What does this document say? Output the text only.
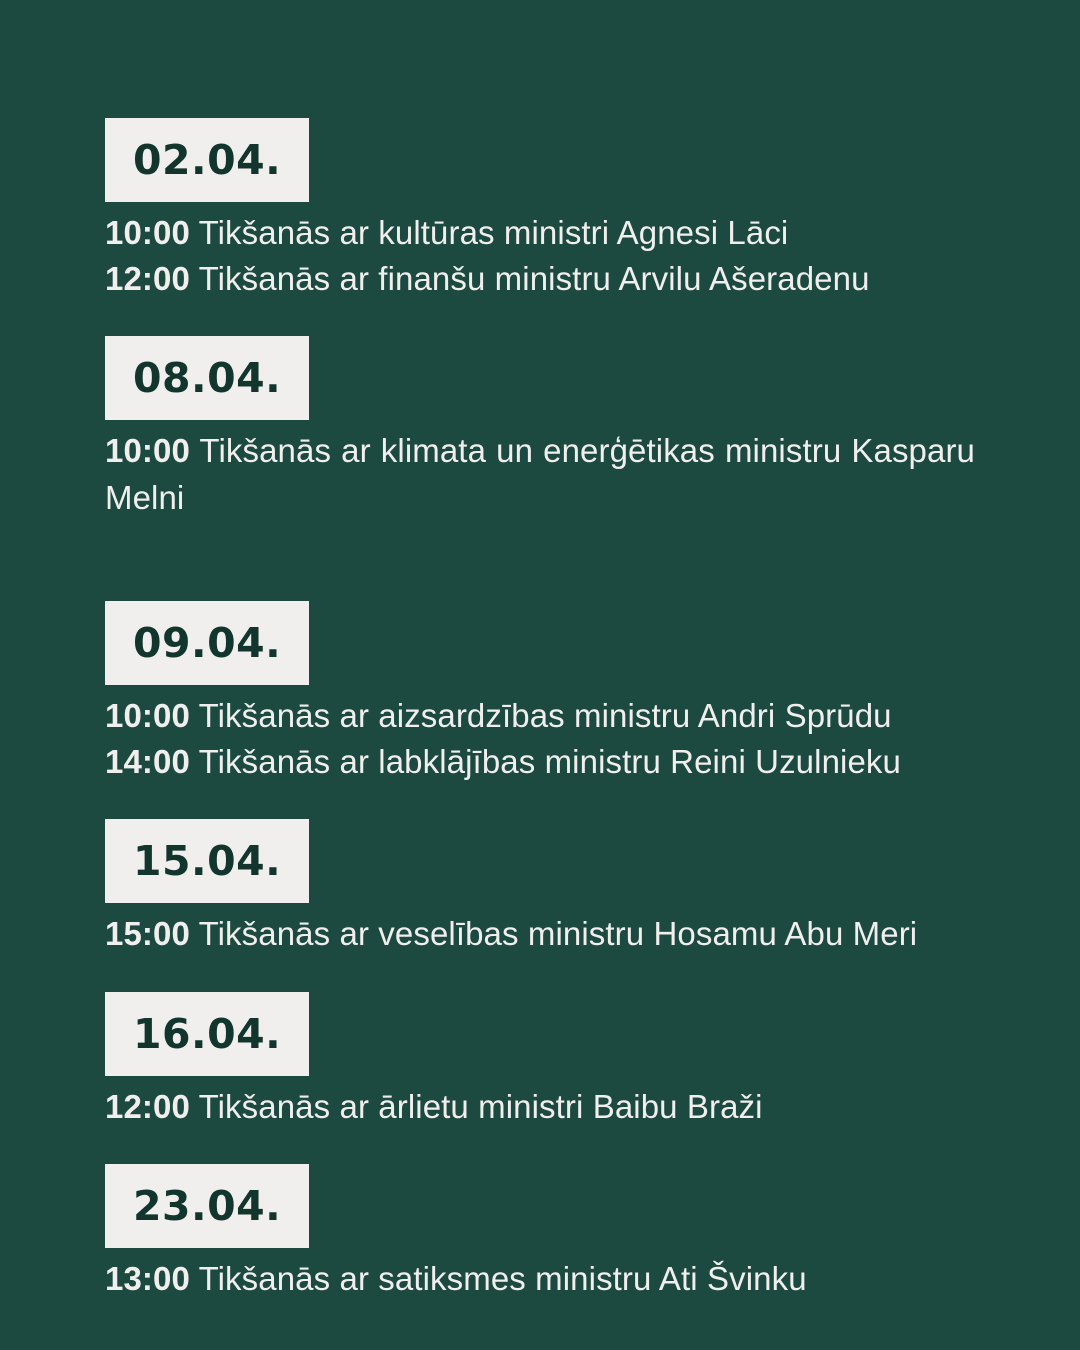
02.04.
10:00 Tikšanās ar kultūras ministri Agnesi Lāci
12:00 Tikšanās ar finanšu ministru Arvilu Ašeradenu
08.04.
10:00 Tikšanās ar klimata un enerģētikas ministru Kasparu Melni
09.04.
10:00 Tikšanās ar aizsardzības ministru Andri Sprūdu
14:00 Tikšanās ar labklājības ministru Reini Uzulnieku
15.04.
15:00 Tikšanās ar veselības ministru Hosamu Abu Meri
16.04.
12:00 Tikšanās ar ārlietu ministri Baibu Braži
23.04.
13:00 Tikšanās ar satiksmes ministru Ati Švinku
